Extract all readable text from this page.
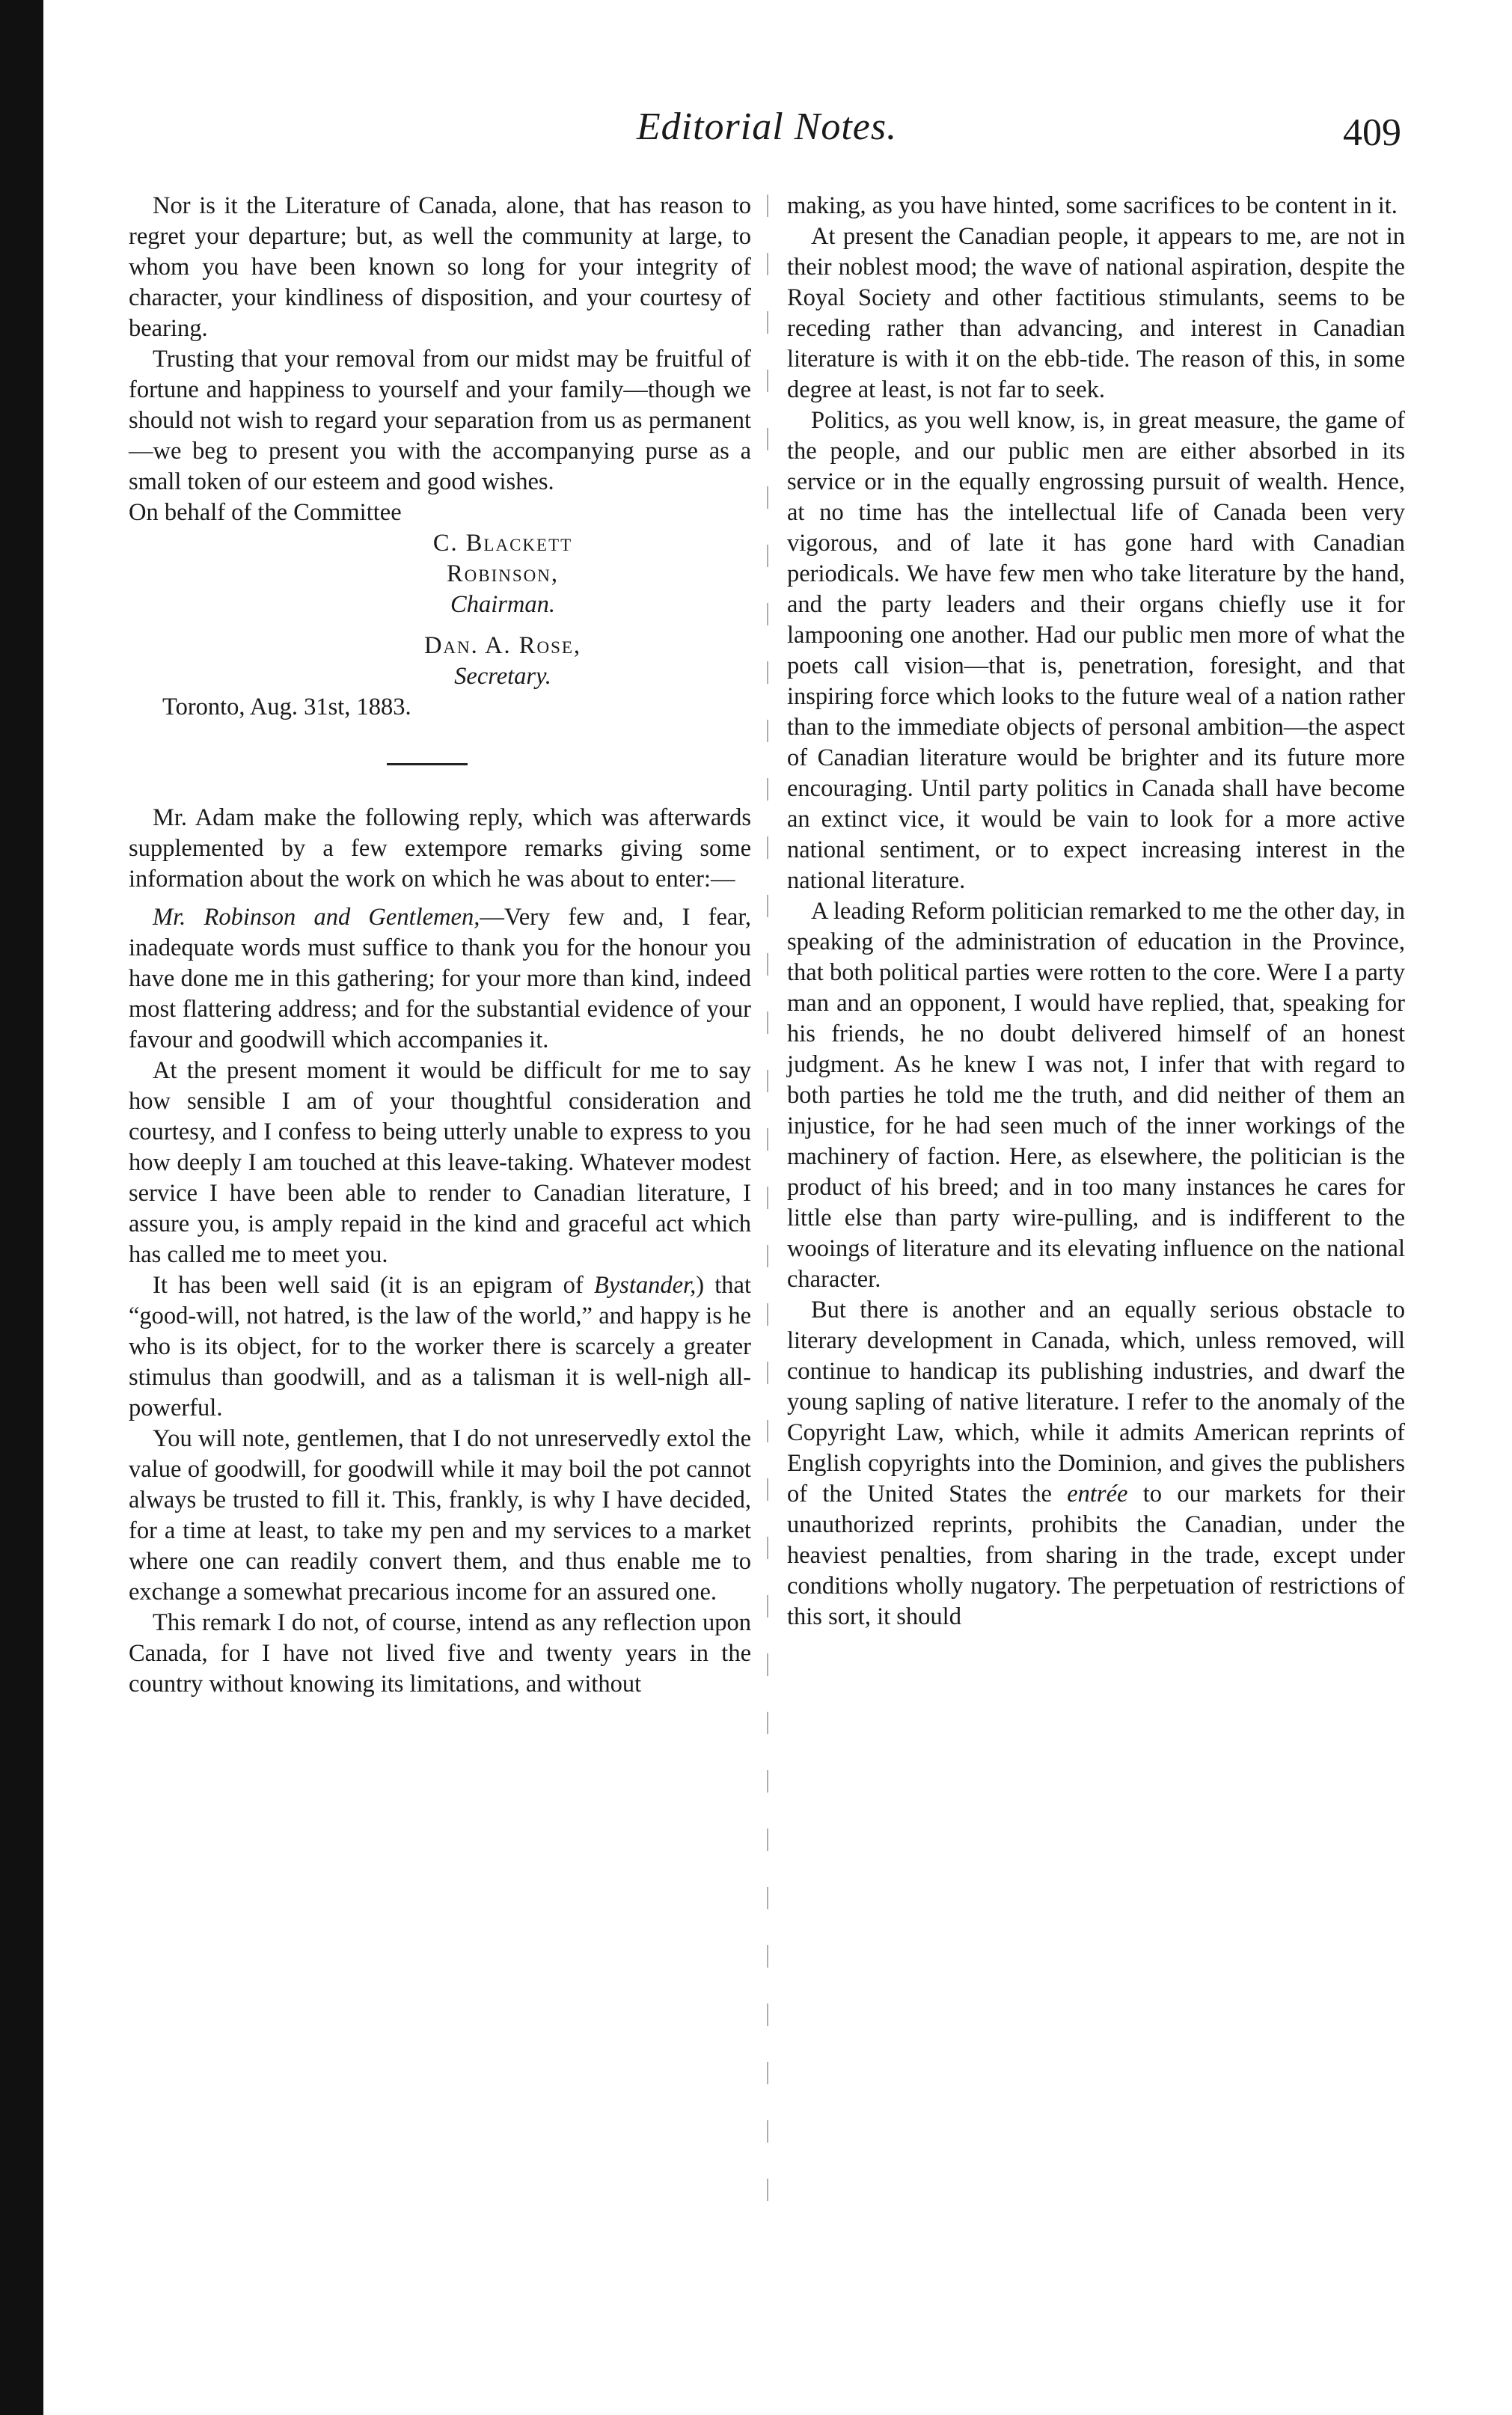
Editorial Notes.	409

Nor is it the Literature of Canada, alone, that has reason to regret your departure; but, as well the community at large, to whom you have been known so long for your integrity of character, your kindliness of disposition, and your courtesy of bearing.

Trusting that your removal from our midst may be fruitful of fortune and happiness to yourself and your family—though we should not wish to regard your separation from us as permanent—we beg to present you with the accompanying purse as a small token of our esteem and good wishes.

On behalf of the Committee

C. Blackett Robinson,
Chairman.
Dan. A. Rose,
Secretary.

Toronto, Aug. 31st, 1883.

Mr. Adam make the following reply, which was afterwards supplemented by a few extempore remarks giving some information about the work on which he was about to enter:—

Mr. Robinson and Gentlemen,—Very few and, I fear, inadequate words must suffice to thank you for the honour you have done me in this gathering; for your more than kind, indeed most flattering address; and for the substantial evidence of your favour and goodwill which accompanies it.

At the present moment it would be difficult for me to say how sensible I am of your thoughtful consideration and courtesy, and I confess to being utterly unable to express to you how deeply I am touched at this leave-taking. Whatever modest service I have been able to render to Canadian literature, I assure you, is amply repaid in the kind and graceful act which has called me to meet you.

It has been well said (it is an epigram of Bystander,) that “good-will, not hatred, is the law of the world,” and happy is he who is its object, for to the worker there is scarcely a greater stimulus than goodwill, and as a talisman it is well-nigh all-powerful.

You will note, gentlemen, that I do not unreservedly extol the value of goodwill, for goodwill while it may boil the pot cannot always be trusted to fill it. This, frankly, is why I have decided, for a time at least, to take my pen and my services to a market where one can readily convert them, and thus enable me to exchange a somewhat precarious income for an assured one.

This remark I do not, of course, intend as any reflection upon Canada, for I have not lived five and twenty years in the country without knowing its limitations, and without

making, as you have hinted, some sacrifices to be content in it.

At present the Canadian people, it appears to me, are not in their noblest mood; the wave of national aspiration, despite the Royal Society and other factitious stimulants, seems to be receding rather than advancing, and interest in Canadian literature is with it on the ebb-tide. The reason of this, in some degree at least, is not far to seek.

Politics, as you well know, is, in great measure, the game of the people, and our public men are either absorbed in its service or in the equally engrossing pursuit of wealth. Hence, at no time has the intellectual life of Canada been very vigorous, and of late it has gone hard with Canadian periodicals. We have few men who take literature by the hand, and the party leaders and their organs chiefly use it for lampooning one another. Had our public men more of what the poets call vision—that is, penetration, foresight, and that inspiring force which looks to the future weal of a nation rather than to the immediate objects of personal ambition—the aspect of Canadian literature would be brighter and its future more encouraging. Until party politics in Canada shall have become an extinct vice, it would be vain to look for a more active national sentiment, or to expect increasing interest in the national literature.

A leading Reform politician remarked to me the other day, in speaking of the administration of education in the Province, that both political parties were rotten to the core. Were I a party man and an opponent, I would have replied, that, speaking for his friends, he no doubt delivered himself of an honest judgment. As he knew I was not, I infer that with regard to both parties he told me the truth, and did neither of them an injustice, for he had seen much of the inner workings of the machinery of faction. Here, as elsewhere, the politician is the product of his breed; and in too many instances he cares for little else than party wire-pulling, and is indifferent to the wooings of literature and its elevating influence on the national character.

But there is another and an equally serious obstacle to literary development in Canada, which, unless removed, will continue to handicap its publishing industries, and dwarf the young sapling of native literature. I refer to the anomaly of the Copyright Law, which, while it admits American reprints of English copyrights into the Dominion, and gives the publishers of the United States the entrée to our markets for their unauthorized reprints, prohibits the Canadian, under the heaviest penalties, from sharing in the trade, except under conditions wholly nugatory. The perpetuation of restrictions of this sort, it should
